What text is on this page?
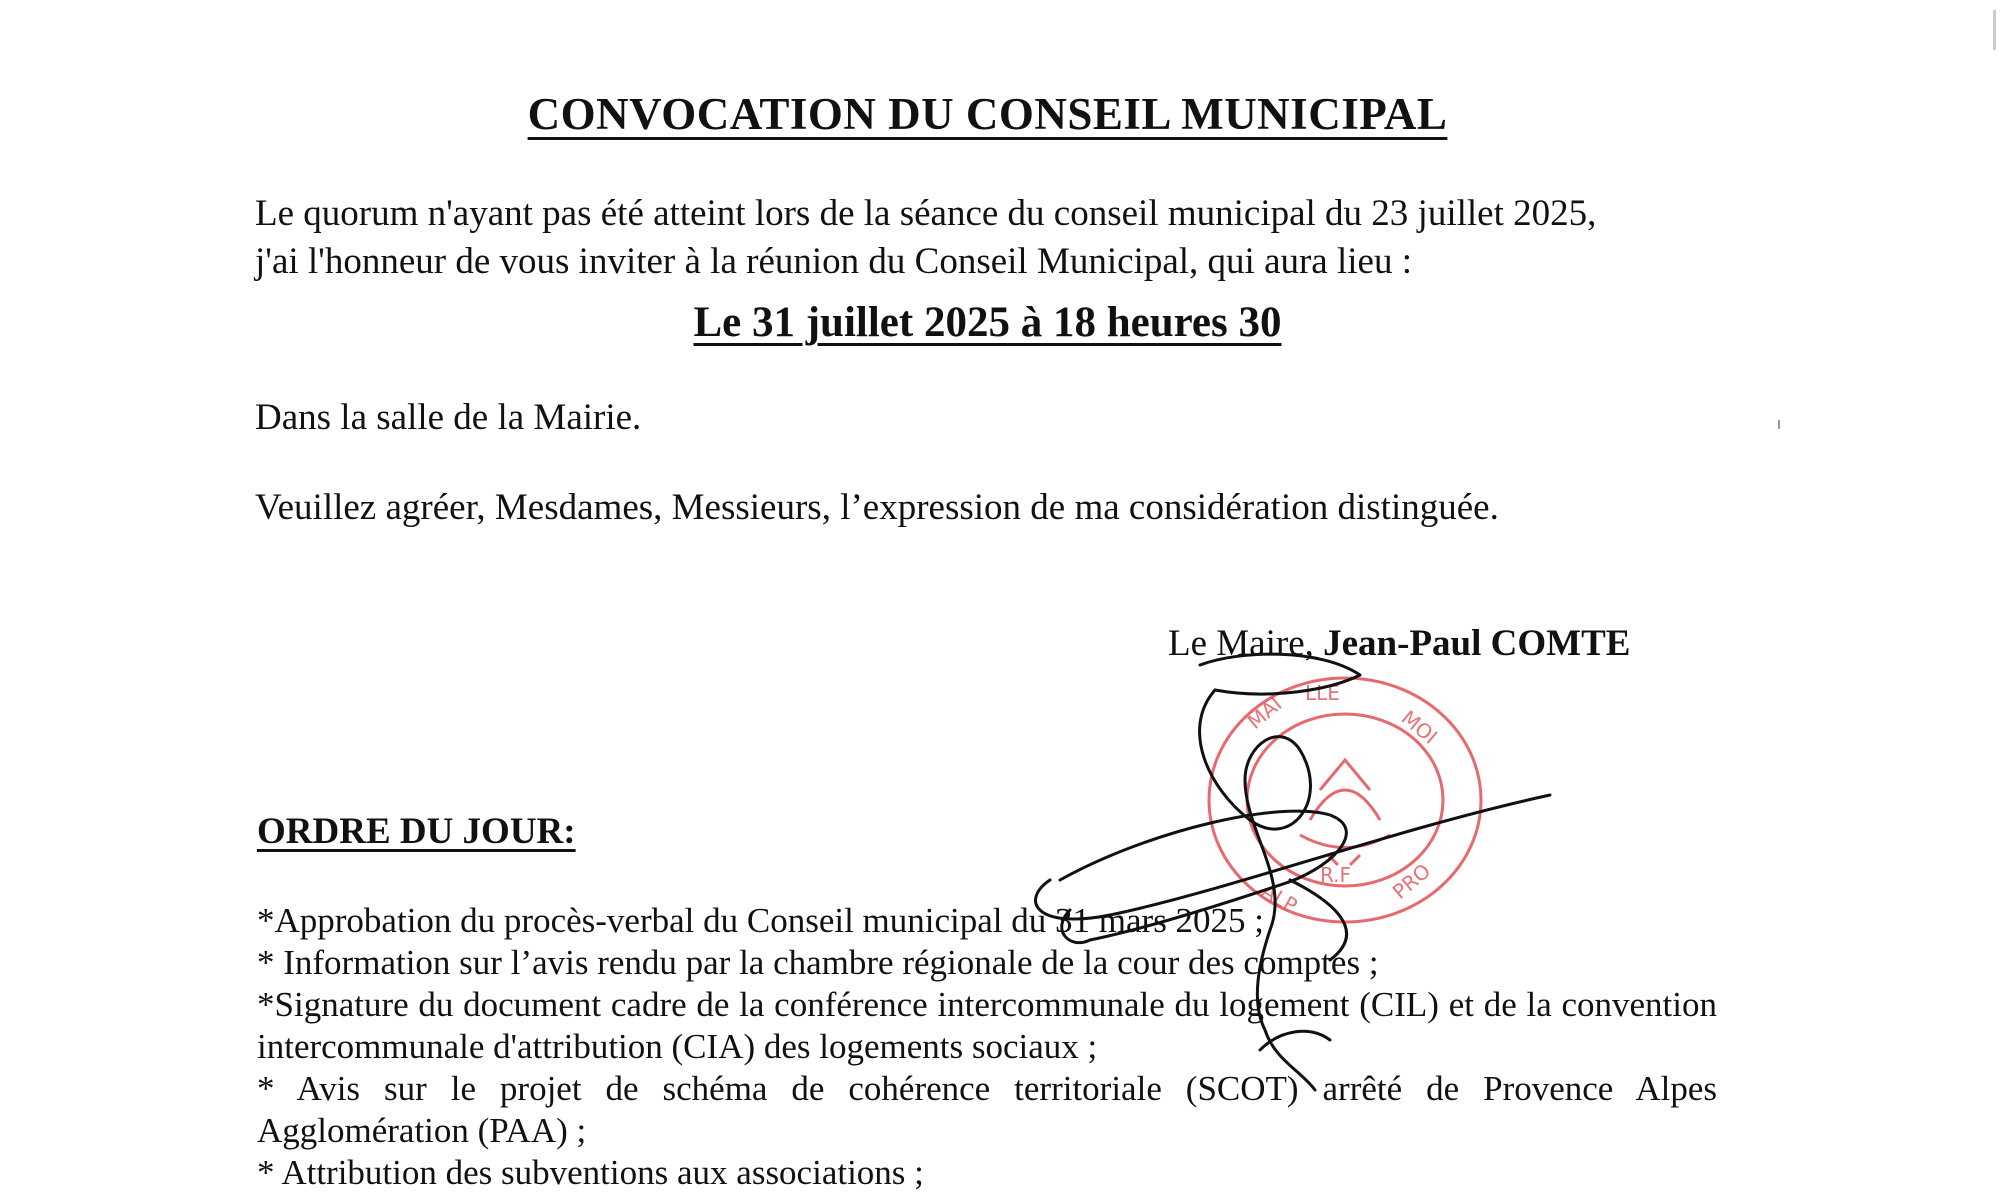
CONVOCATION DU CONSEIL MUNICIPAL
Le quorum n'ayant pas été atteint lors de la séance du conseil municipal du 23 juillet 2025,
j'ai l'honneur de vous inviter à la réunion du Conseil Municipal, qui aura lieu :
Le 31 juillet 2025 à 18 heures 30
Dans la salle de la Mairie.
Veuillez agréer, Mesdames, Messieurs, l’expression de ma considération distinguée.
Le Maire, Jean-Paul COMTE
MAI LLE
MOI
R.F
ALP	PRO
ORDRE DU JOUR:
*Approbation du procès-verbal du Conseil municipal du 31 mars 2025 ;
* Information sur l’avis rendu par la chambre régionale de la cour des comptes ;
*Signature du document cadre de la conférence intercommunale du logement (CIL) et de la convention intercommunale d'attribution (CIA) des logements sociaux ;
* Avis sur le projet de schéma de cohérence territoriale (SCOT) arrêté de Provence Alpes Agglomération (PAA) ;
* Attribution des subventions aux associations ;
